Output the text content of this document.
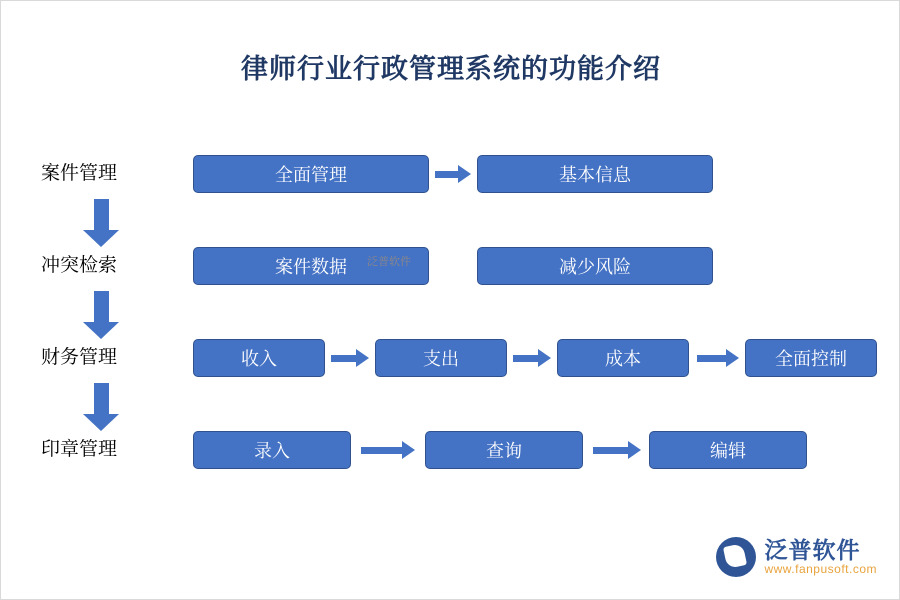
律师行业行政管理系统的功能介绍
案件管理	全面管理	基本信息
冲突检索	案件数据	减少风险
财务管理	收入	支出	成本	全面控制
印章管理	录入	查询	编辑
泛普软件
泛普软件
www.fanpusoft.com
